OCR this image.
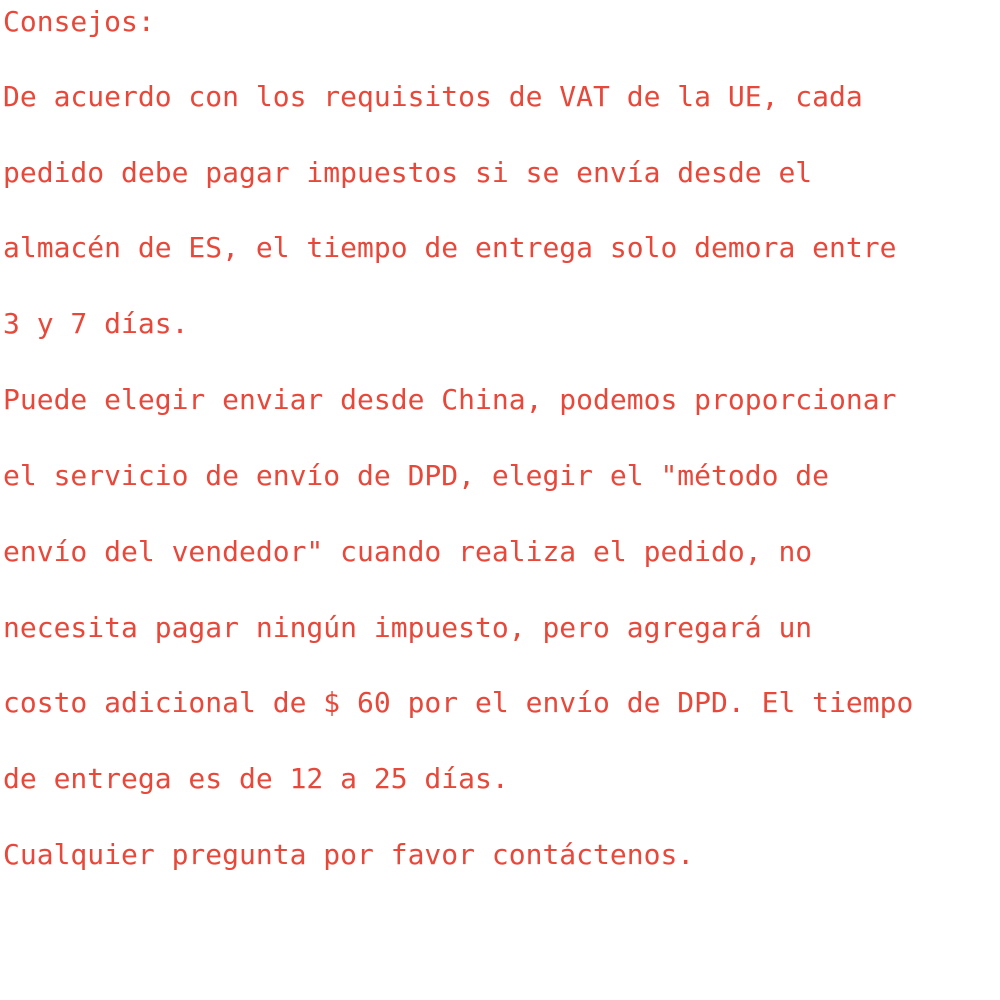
Consejos:

De acuerdo con los requisitos de VAT de la UE, cada

pedido debe pagar impuestos si se envía desde el

almacén de ES, el tiempo de entrega solo demora entre

3 y 7 días.

Puede elegir enviar desde China, podemos proporcionar

el servicio de envío de DPD, elegir el "método de

envío del vendedor" cuando realiza el pedido, no

necesita pagar ningún impuesto, pero agregará un

costo adicional de $ 60 por el envío de DPD. El tiempo

de entrega es de 12 a 25 días.

Cualquier pregunta por favor contáctenos.
